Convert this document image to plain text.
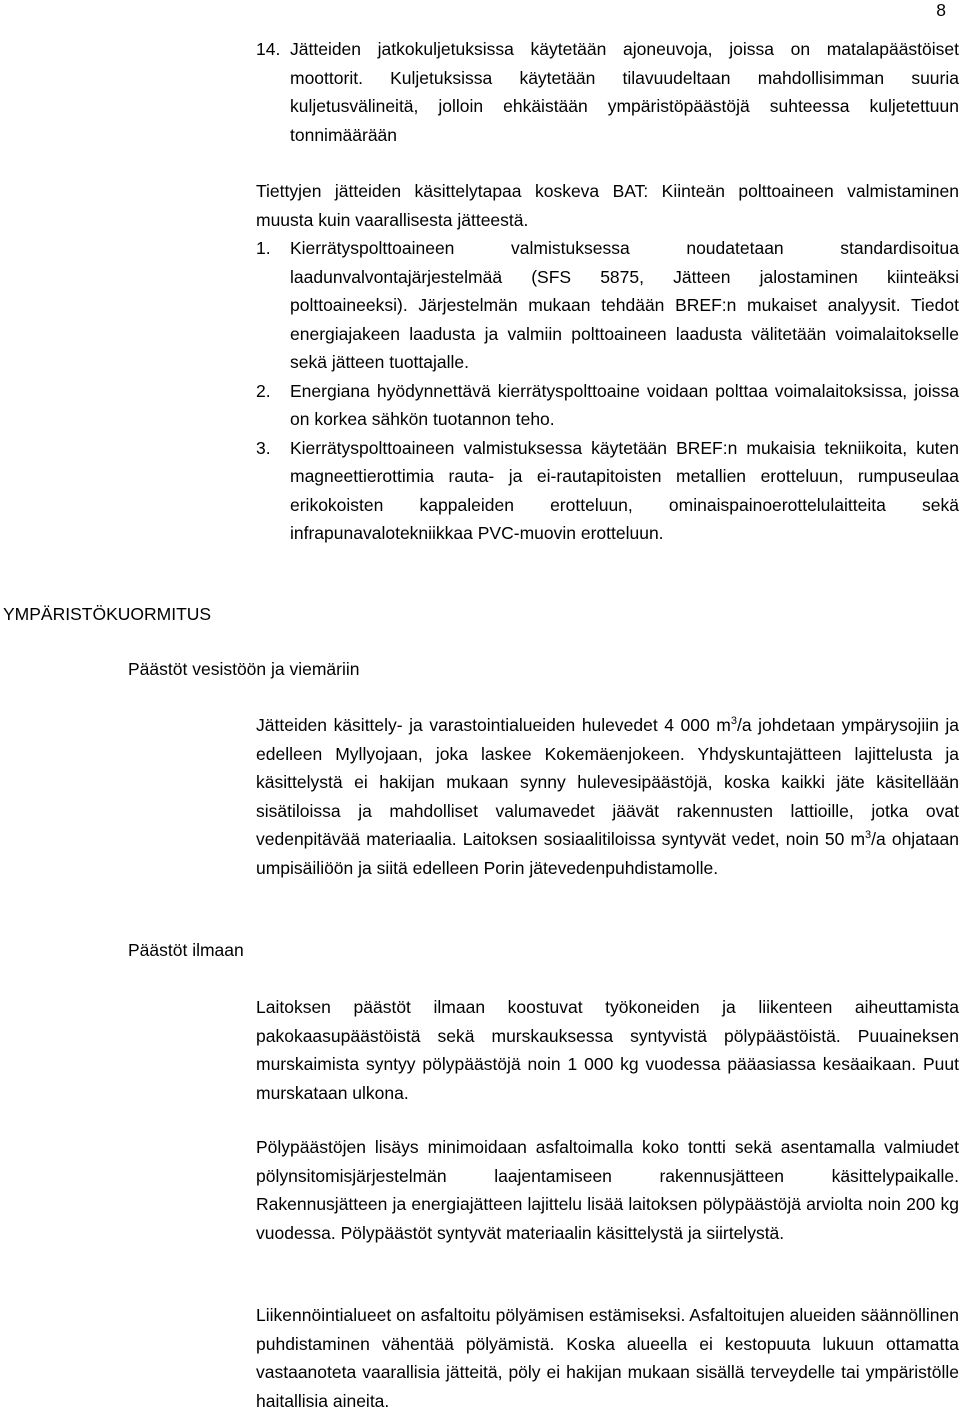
8
14. Jätteiden jatkokuljetuksissa käytetään ajoneuvoja, joissa on matalapäästöiset moottorit. Kuljetuksissa käytetään tilavuudeltaan mahdollisimman suuria kuljetusvälineitä, jolloin ehkäistään ympäristöpäästöjä suhteessa kuljetettuun tonnimäärään

Tiettyjen jätteiden käsittelytapaa koskeva BAT: Kiinteän polttoaineen valmistaminen muusta kuin vaarallisesta jätteestä.

1. Kierrätyspolttoaineen valmistuksessa noudatetaan standardisoitua laadunvalvontajärjestelmää (SFS 5875, Jätteen jalostaminen kiinteäksi polttoaineeksi). Järjestelmän mukaan tehdään BREF:n mukaiset analyysit. Tiedot energiajakeen laadusta ja valmiin polttoaineen laadusta välitetään voimalaitokselle sekä jätteen tuottajalle.
2. Energiana hyödynnettävä kierrätyspolttoaine voidaan polttaa voimalaitoksissa, joissa on korkea sähkön tuotannon teho.
3. Kierrätyspolttoaineen valmistuksessa käytetään BREF:n mukaisia tekniikoita, kuten magneettierottimia rauta- ja ei-rautapitoisten metallien erotteluun, rumpuseulaa erikokoisten kappaleiden erotteluun, ominaispainoerottelulaitteita sekä infrapunavalotekniikkaa PVC-muovin erotteluun.
YMPÄRISTÖKUORMITUS
Päästöt vesistöön ja viemäriin

Jätteiden käsittely- ja varastointialueiden hulevedet 4 000 $m^3/a$ johdetaan ympärysojiin ja edelleen Myllyojaan, joka laskee Kokemäenjokeen. Yhdyskuntajätteen lajittelusta ja käsittelystä ei hakijan mukaan synny hulevesipäästöjä, koska kaikki jäte käsitellään sisätiloissa ja mahdolliset valumavedet jäävät rakennusten lattioille, jotka ovat vedenpitävää materiaalia. Laitoksen sosiaalitiloissa syntyvät vedet, noin 50 $m^3/a$ ohjataan umpisäiliöön ja siitä edelleen Porin jätevedenpuhdistamolle.

Päästöt ilmaan

Laitoksen päästöt ilmaan koostuvat työkoneiden ja liikenteen aiheuttamista pakokaasupäästöistä sekä murskauksessa syntyvistä pölypäästöistä. Puuaineksen murskaimista syntyy pölypäästöjä noin 1 000 kg vuodessa pääasiassa kesäaikaan. Puut murskataan ulkona.

Pölypäästöjen lisäys minimoidaan asfaltoimalla koko tontti sekä asentamalla valmiudet pölynsitomisjärjestelmän laajentamiseen rakennusjätteen käsittelypaikalle. Rakennusjätteen ja energiajätteen lajittelu lisää laitoksen pölypäästöjä arviolta noin 200 kg vuodessa. Pölypäästöt syntyvät materiaalin käsittelystä ja siirtelystä.

Liikennöintialueet on asfaltoitu pölyämisen estämiseksi. Asfaltoitujen alueiden säännöllinen puhdistaminen vähentää pölyämistä. Koska alueella ei kestopuuta lukuun ottamatta vastaanoteta vaarallisia jätteitä, pöly ei hakijan mukaan sisällä terveydelle tai ympäristölle haitallisia aineita.
